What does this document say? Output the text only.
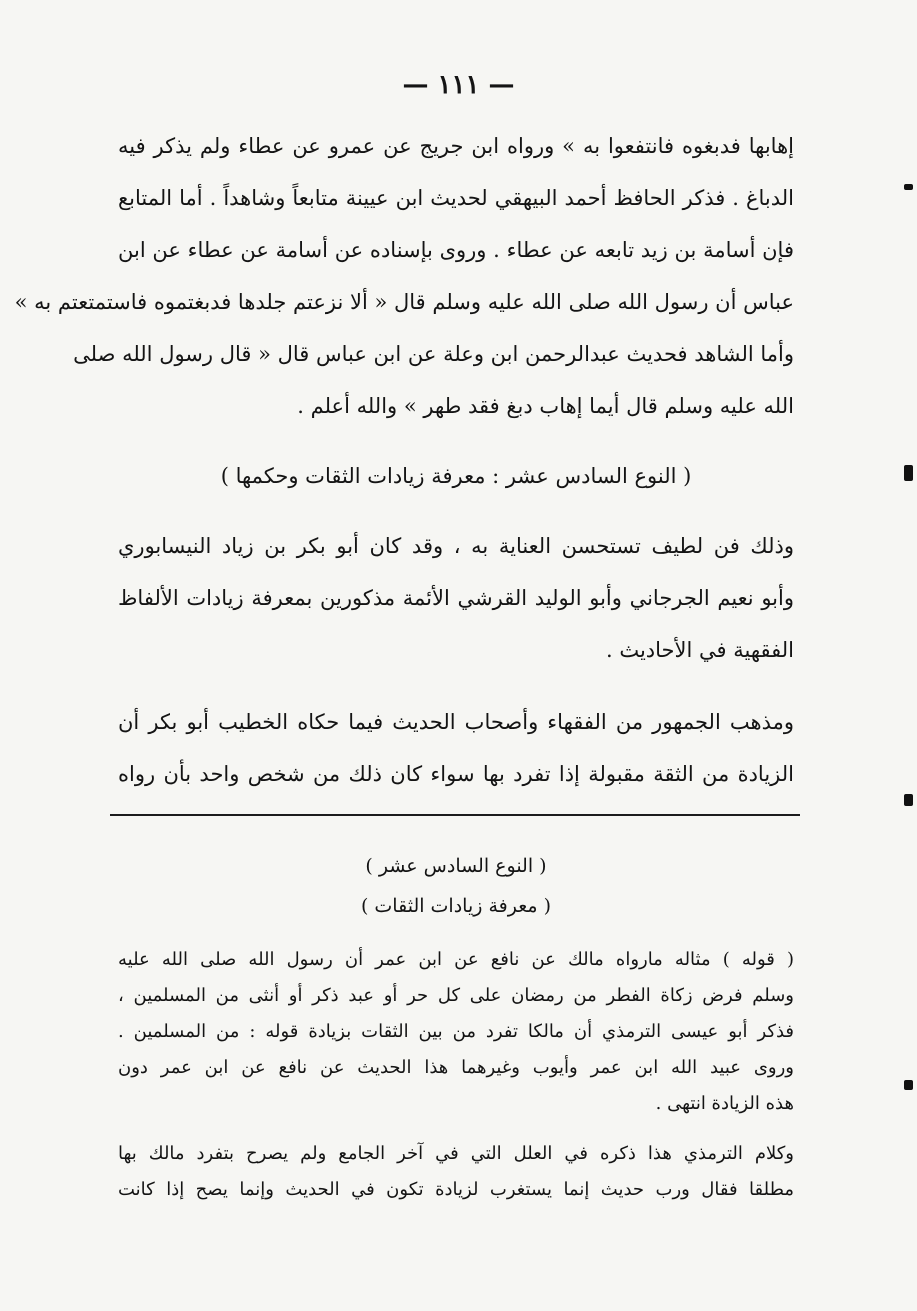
— ١١١ —
إهابها فدبغوه فانتفعوا به » ورواه ابن جريج عن عمرو عن عطاء ولم يذكر فيه
الدباغ . فذكر الحافظ أحمد البيهقي لحديث ابن عيينة متابعاً وشاهداً . أما المتابع
فإن أسامة بن زيد تابعه عن عطاء . وروى بإسناده عن أسامة عن عطاء عن ابن
عباس أن رسول الله صلى الله عليه وسلم قال « ألا نزعتم جلدها فدبغتموه فاستمتعتم به »
وأما الشاهد فحديث عبدالرحمن ابن وعلة عن ابن عباس قال « قال رسول الله صلى
الله عليه وسلم قال أيما إهاب دبغ فقد طهر » والله أعلم .
( النوع السادس عشر : معرفة زيادات الثقات وحكمها )
وذلك فن لطيف تستحسن العناية به ، وقد كان أبو بكر بن زياد النيسابوري
وأبو نعيم الجرجاني وأبو الوليد القرشي الأئمة مذكورين بمعرفة زيادات الألفاظ
الفقهية في الأحاديث .
ومذهب الجمهور من الفقهاء وأصحاب الحديث فيما حكاه الخطيب أبو بكر أن
الزيادة من الثقة مقبولة إذا تفرد بها سواء كان ذلك من شخص واحد بأن رواه
( النوع السادس عشر )
( معرفة زيادات الثقات )
( قوله ) مثاله مارواه مالك عن نافع عن ابن عمر أن رسول الله صلى الله عليه
وسلم فرض زكاة الفطر من رمضان على كل حر أو عبد ذكر أو أنثى من المسلمين ،
فذكر أبو عيسى الترمذي أن مالكا تفرد من بين الثقات بزيادة قوله : من المسلمين .
وروى عبيد الله ابن عمر وأيوب وغيرهما هذا الحديث عن نافع عن ابن عمر دون
هذه الزيادة انتهى .
وكلام الترمذي هذا ذكره في العلل التي في آخر الجامع ولم يصرح بتفرد مالك بها
مطلقا فقال ورب حديث إنما يستغرب لزيادة تكون في الحديث وإنما يصح إذا كانت
